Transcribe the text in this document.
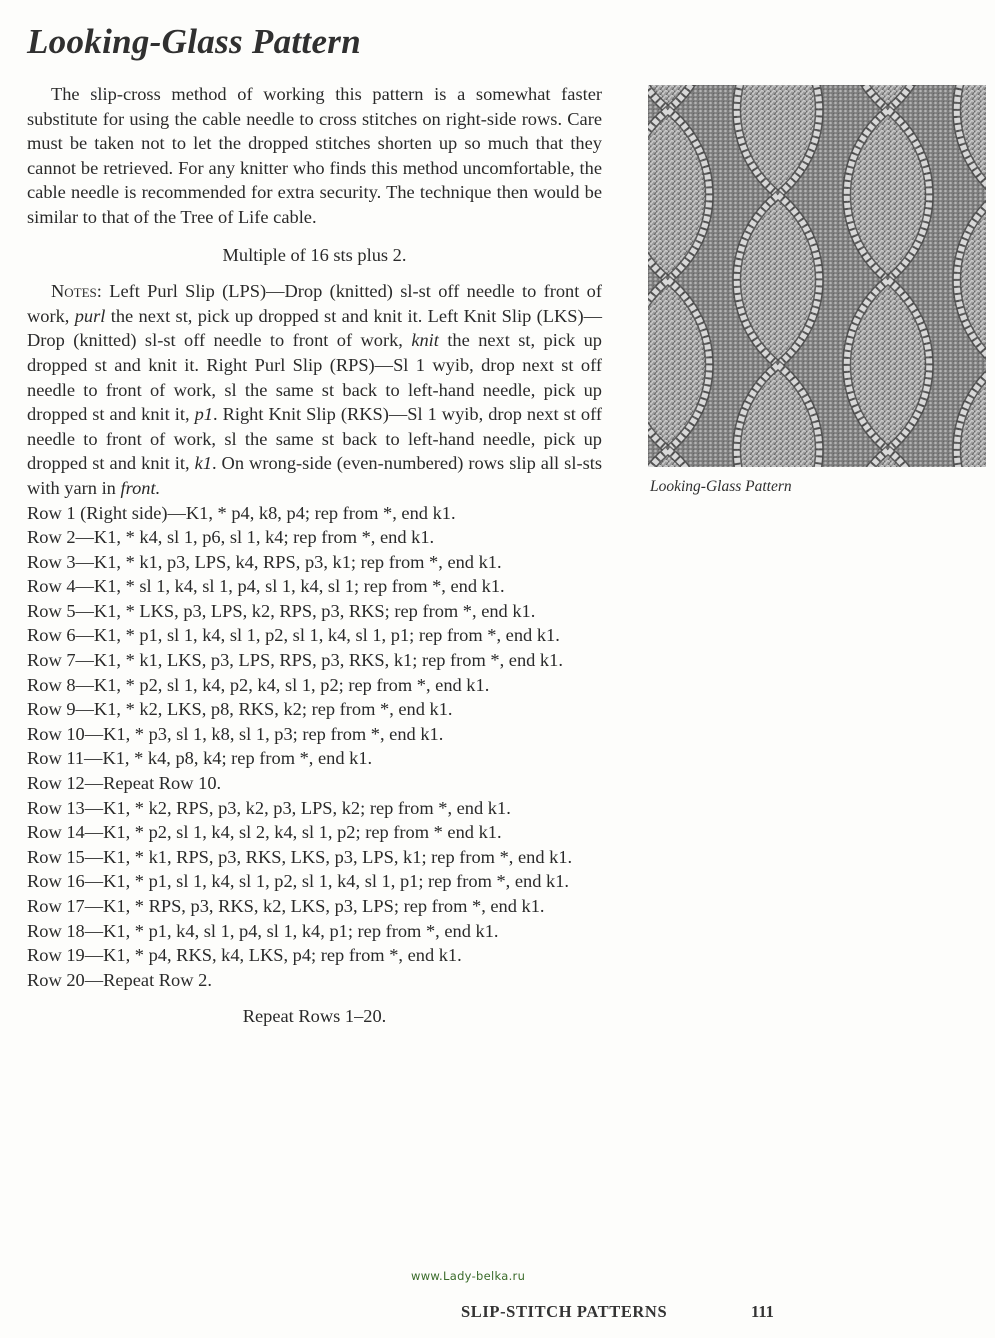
Looking-Glass Pattern

The slip-cross method of working this pattern is a somewhat faster substitute for using the cable needle to cross stitches on right-side rows. Care must be taken not to let the dropped stitches shorten up so much that they cannot be retrieved. For any knitter who finds this method uncomfortable, the cable needle is recommended for extra security. The technique then would be similar to that of the Tree of Life cable.

Multiple of 16 sts plus 2.

Notes: Left Purl Slip (LPS)—Drop (knitted) sl-st off needle to front of work, purl the next st, pick up dropped st and knit it. Left Knit Slip (LKS)—Drop (knitted) sl-st off needle to front of work, knit the next st, pick up dropped st and knit it. Right Purl Slip (RPS)—Sl 1 wyib, drop next st off needle to front of work, sl the same st back to left-hand needle, pick up dropped st and knit it, p1. Right Knit Slip (RKS)—Sl 1 wyib, drop next st off needle to front of work, sl the same st back to left-hand needle, pick up dropped st and knit it, k1. On wrong-side (even-numbered) rows slip all sl-sts with yarn in front.

Row 1 (Right side)—K1, * p4, k8, p4; rep from *, end k1.
Row 2—K1, * k4, sl 1, p6, sl 1, k4; rep from *, end k1.
Row 3—K1, * k1, p3, LPS, k4, RPS, p3, k1; rep from *, end k1.
Row 4—K1, * sl 1, k4, sl 1, p4, sl 1, k4, sl 1; rep from *, end k1.
Row 5—K1, * LKS, p3, LPS, k2, RPS, p3, RKS; rep from *, end k1.
Row 6—K1, * p1, sl 1, k4, sl 1, p2, sl 1, k4, sl 1, p1; rep from *, end k1.
Row 7—K1, * k1, LKS, p3, LPS, RPS, p3, RKS, k1; rep from *, end k1.
Row 8—K1, * p2, sl 1, k4, p2, k4, sl 1, p2; rep from *, end k1.
Row 9—K1, * k2, LKS, p8, RKS, k2; rep from *, end k1.
Row 10—K1, * p3, sl 1, k8, sl 1, p3; rep from *, end k1.
Row 11—K1, * k4, p8, k4; rep from *, end k1.
Row 12—Repeat Row 10.
Row 13—K1, * k2, RPS, p3, k2, p3, LPS, k2; rep from *, end k1.
Row 14—K1, * p2, sl 1, k4, sl 2, k4, sl 1, p2; rep from * end k1.
Row 15—K1, * k1, RPS, p3, RKS, LKS, p3, LPS, k1; rep from *, end k1.
Row 16—K1, * p1, sl 1, k4, sl 1, p2, sl 1, k4, sl 1, p1; rep from *, end k1.
Row 17—K1, * RPS, p3, RKS, k2, LKS, p3, LPS; rep from *, end k1.
Row 18—K1, * p1, k4, sl 1, p4, sl 1, k4, p1; rep from *, end k1.
Row 19—K1, * p4, RKS, k4, LKS, p4; rep from *, end k1.
Row 20—Repeat Row 2.
Repeat Rows 1–20.
Looking-Glass Pattern
www.Lady-belka.ru
SLIP-STITCH PATTERNS	111
